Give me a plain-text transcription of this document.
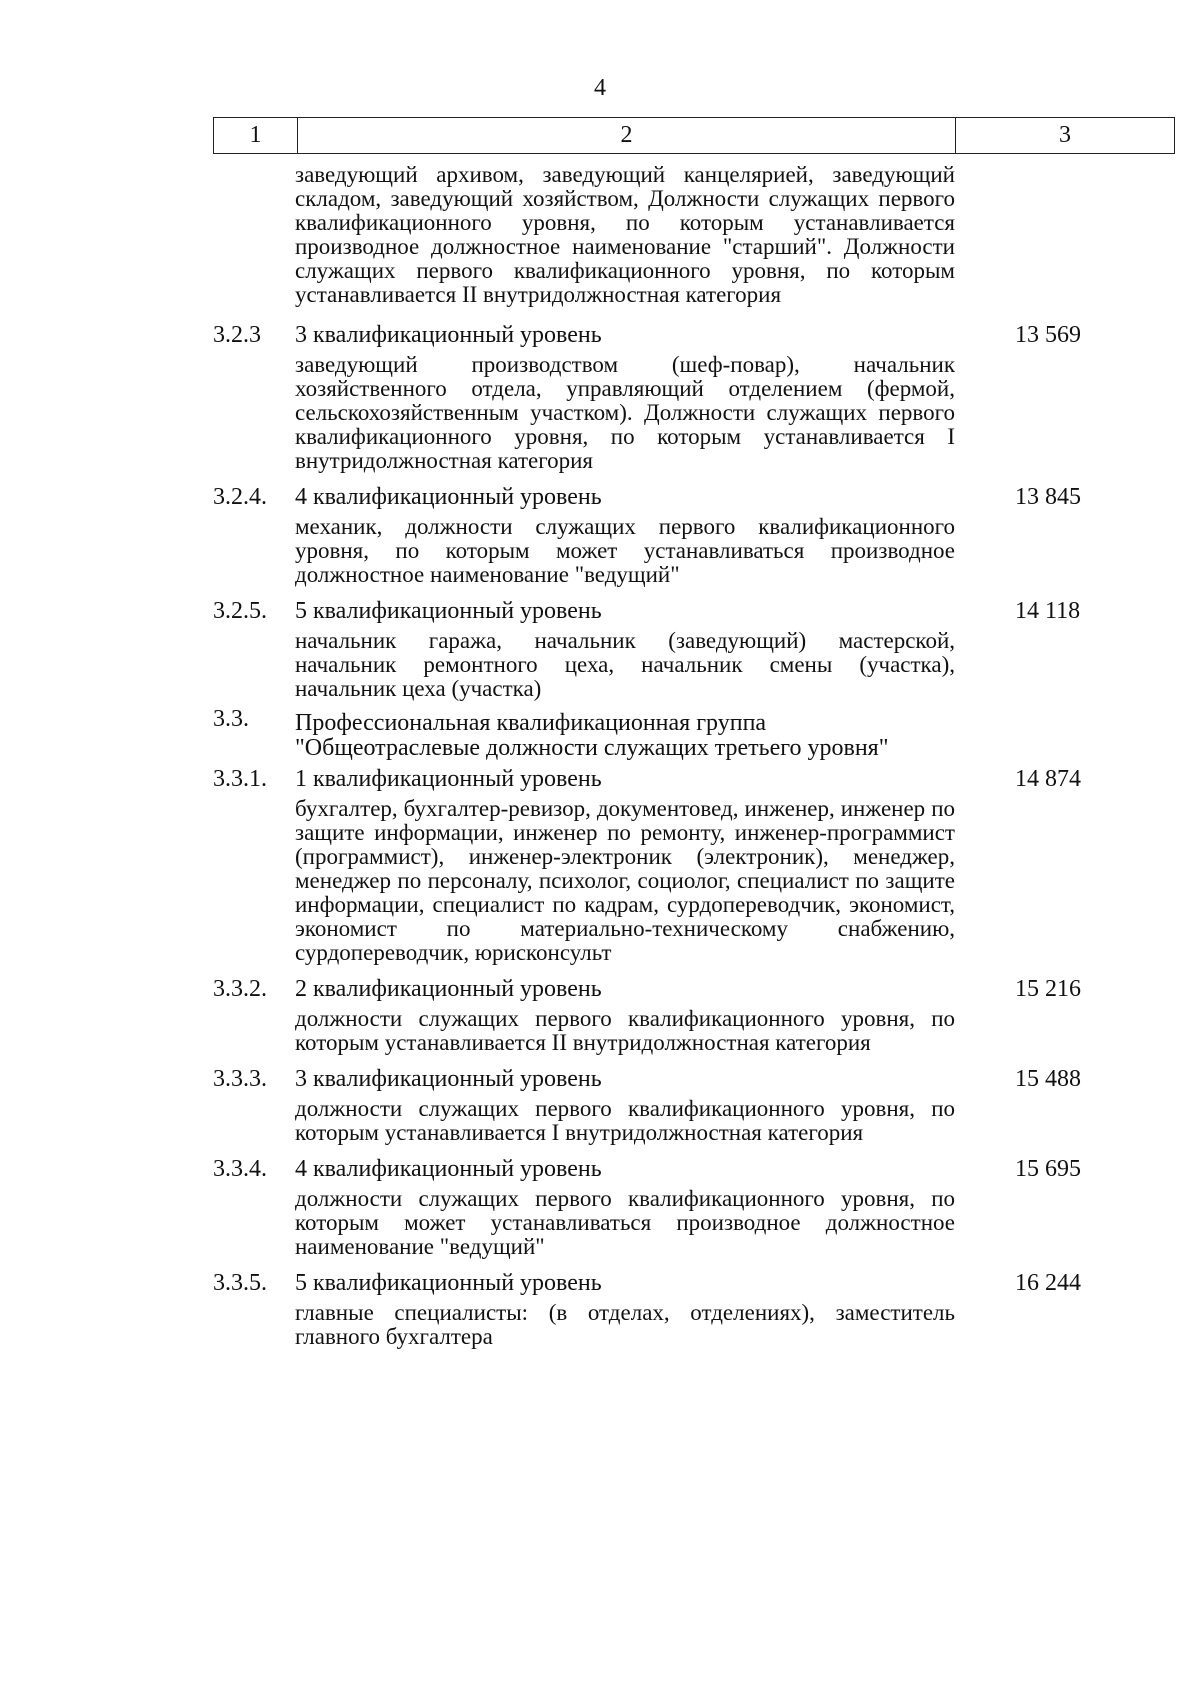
4
1	2	3
заведующий архивом, заведующий канцелярией, заведующий складом, заведующий хозяйством, Должности служащих первого квалификационного уровня, по которым устанавливается производное должностное наименование "старший". Должности служащих первого квалификационного уровня, по которым устанавливается II внутридолжностная категория
3.2.3	3 квалификационный уровень	13 569
заведующий производством (шеф-повар), начальник хозяйственного отдела, управляющий отделением (фермой, сельскохозяйственным участком). Должности служащих первого квалификационного уровня, по которым устанавливается I внутридолжностная категория
3.2.4.	4 квалификационный уровень	13 845
механик, должности служащих первого квалификационного уровня, по которым может устанавливаться производное должностное наименование "ведущий"
3.2.5.	5 квалификационный уровень	14 118
начальник гаража, начальник (заведующий) мастерской, начальник ремонтного цеха, начальник смены (участка), начальник цеха (участка)
3.3.	Профессиональная квалификационная группа "Общеотраслевые должности служащих третьего уровня"
3.3.1.	1 квалификационный уровень	14 874
бухгалтер, бухгалтер-ревизор, документовед, инженер, инженер по защите информации, инженер по ремонту, инженер-программист (программист), инженер-электроник (электроник), менеджер, менеджер по персоналу, психолог, социолог, специалист по защите информации, специалист по кадрам, сурдопереводчик, экономист, экономист по материально-техническому снабжению, сурдопереводчик, юрисконсульт
3.3.2.	2 квалификационный уровень	15 216
должности служащих первого квалификационного уровня, по которым устанавливается II внутридолжностная категория
3.3.3.	3 квалификационный уровень	15 488
должности служащих первого квалификационного уровня, по которым устанавливается I внутридолжностная категория
3.3.4.	4 квалификационный уровень	15 695
должности служащих первого квалификационного уровня, по которым может устанавливаться производное должностное наименование "ведущий"
3.3.5.	5 квалификационный уровень	16 244
главные специалисты: (в отделах, отделениях), заместитель главного бухгалтера
